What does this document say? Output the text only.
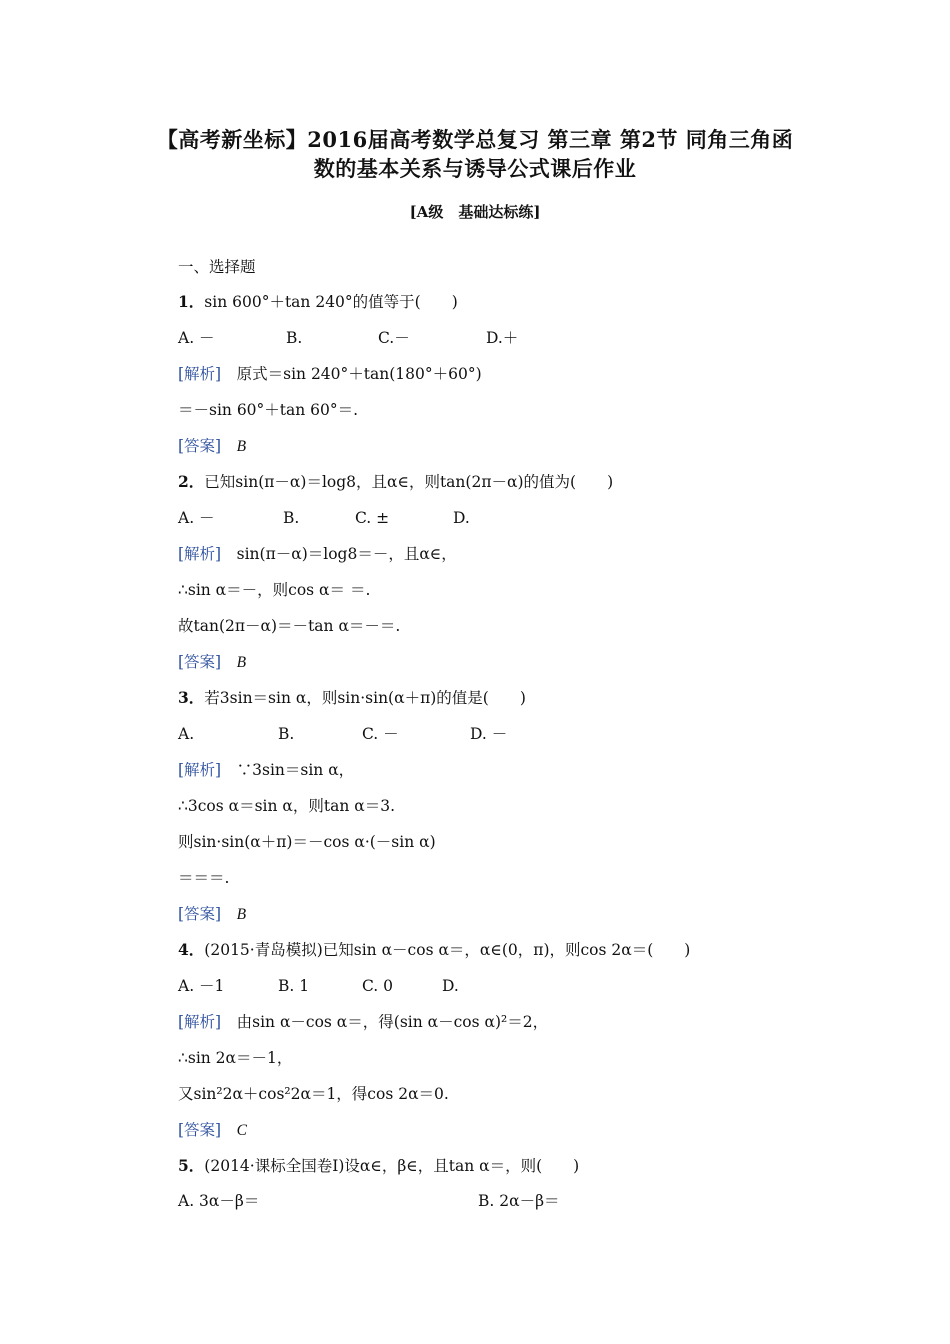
【高考新坐标】2016届高考数学总复习 第三章 第2节 同角三角函
数的基本关系与诱导公式课后作业
[A级　基础达标练]
一、选择题
1．sin 600°＋tan 240°的值等于(　　)
A. －	B.	C.－	D.＋
[解析]　 原式＝sin 240°＋tan(180°＋60°)
＝－sin 60°＋tan 60°＝.
[答案]　 B
2．已知sin(π－α)＝log8，且α∈，则tan(2π－α)的值为(　　)
A. －	B.	C. ±	D.
[解析]　 sin(π－α)＝log8＝－，且α∈，
∴sin α＝－，则cos α＝ ＝.
故tan(2π－α)＝－tan α＝－＝.
[答案]　 B
3．若3sin＝sin α，则sin·sin(α＋π)的值是(　　)
A.	B.	C. －	D. －
[解析]　 ∵3sin＝sin α，
∴3cos α＝sin α，则tan α＝3.
则sin·sin(α＋π)＝－cos α·(－sin α)
＝＝＝.
[答案]　 B
4．(2015·青岛模拟)已知sin α－cos α＝，α∈(0，π)，则cos 2α＝(　　)
A. －1	B. 1	C. 0	D.
[解析]　 由sin α－cos α＝，得(sin α－cos α)²＝2，
∴sin 2α＝－1，
又sin²2α＋cos²2α＝1，得cos 2α＝0.
[答案]　 C
5．(2014·课标全国卷Ⅰ)设α∈，β∈，且tan α＝，则(　　)
A. 3α－β＝	B. 2α－β＝
